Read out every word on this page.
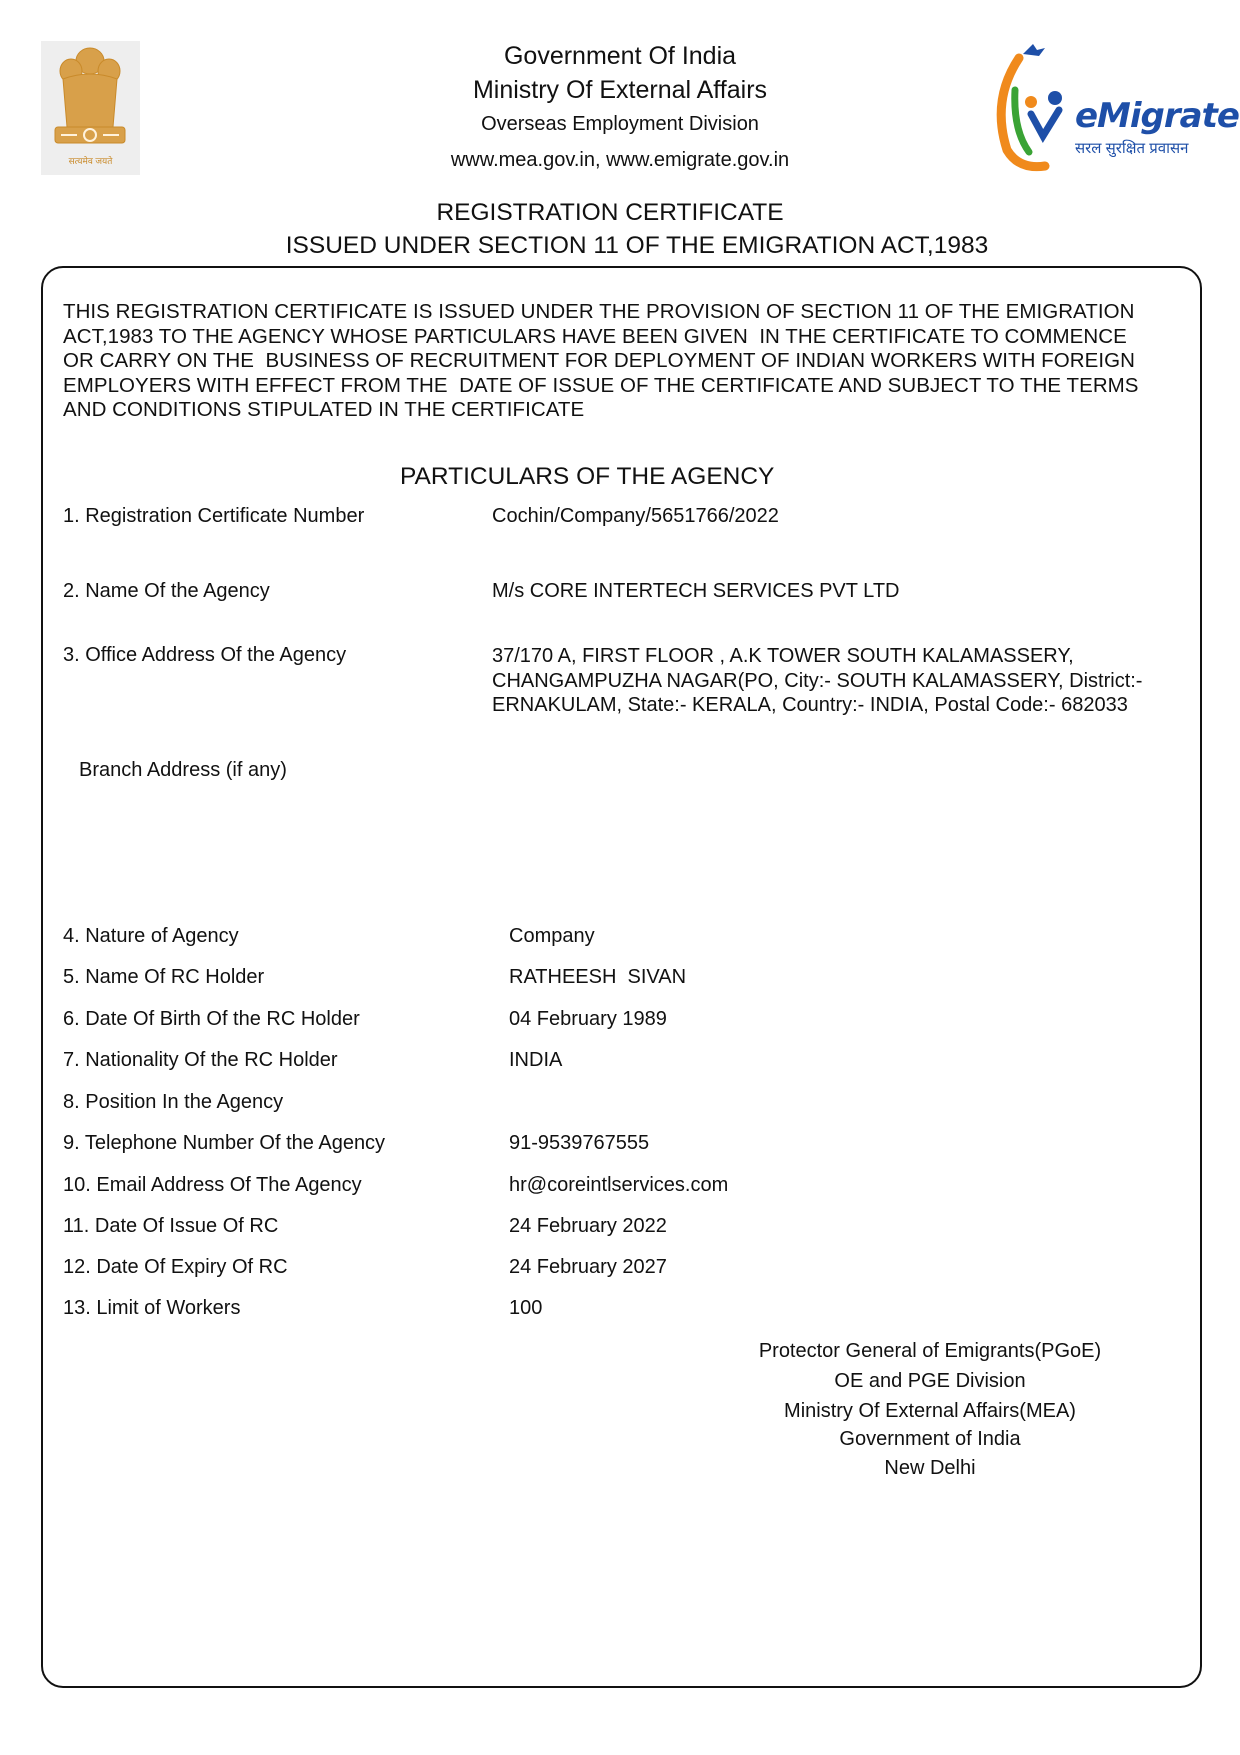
सत्यमेव जयते
Government Of India
Ministry Of External Affairs
Overseas Employment Division
www.mea.gov.in, www.emigrate.gov.in
eMigrate
सरल सुरक्षित प्रवासन
REGISTRATION CERTIFICATE
ISSUED UNDER SECTION 11 OF THE EMIGRATION ACT,1983
THIS REGISTRATION CERTIFICATE IS ISSUED UNDER THE PROVISION OF SECTION 11 OF THE EMIGRATION
ACT,1983 TO THE AGENCY WHOSE PARTICULARS HAVE BEEN GIVEN  IN THE CERTIFICATE TO COMMENCE
OR CARRY ON THE  BUSINESS OF RECRUITMENT FOR DEPLOYMENT OF INDIAN WORKERS WITH FOREIGN
EMPLOYERS WITH EFFECT FROM THE  DATE OF ISSUE OF THE CERTIFICATE AND SUBJECT TO THE TERMS
AND CONDITIONS STIPULATED IN THE CERTIFICATE
PARTICULARS OF THE AGENCY
1. Registration Certificate Number	Cochin/Company/5651766/2022
2. Name Of the Agency	M/s CORE INTERTECH SERVICES PVT LTD
3. Office Address Of the Agency	37/170 A, FIRST FLOOR , A.K TOWER SOUTH KALAMASSERY,
CHANGAMPUZHA NAGAR(PO, City:- SOUTH KALAMASSERY, District:-
ERNAKULAM, State:- KERALA, Country:- INDIA, Postal Code:- 682033
Branch Address (if any)
4. Nature of Agency	Company
5. Name Of RC Holder	RATHEESH  SIVAN
6. Date Of Birth Of the RC Holder	04 February 1989
7. Nationality Of the RC Holder	INDIA
8. Position In the Agency
9. Telephone Number Of the Agency	91-9539767555
10. Email Address Of The Agency	hr@coreintlservices.com
11. Date Of Issue Of RC	24 February 2022
12. Date Of Expiry Of RC	24 February 2027
13. Limit of Workers	100
Protector General of Emigrants(PGoE)
OE and PGE Division
Ministry Of External Affairs(MEA)
Government of India
New Delhi
